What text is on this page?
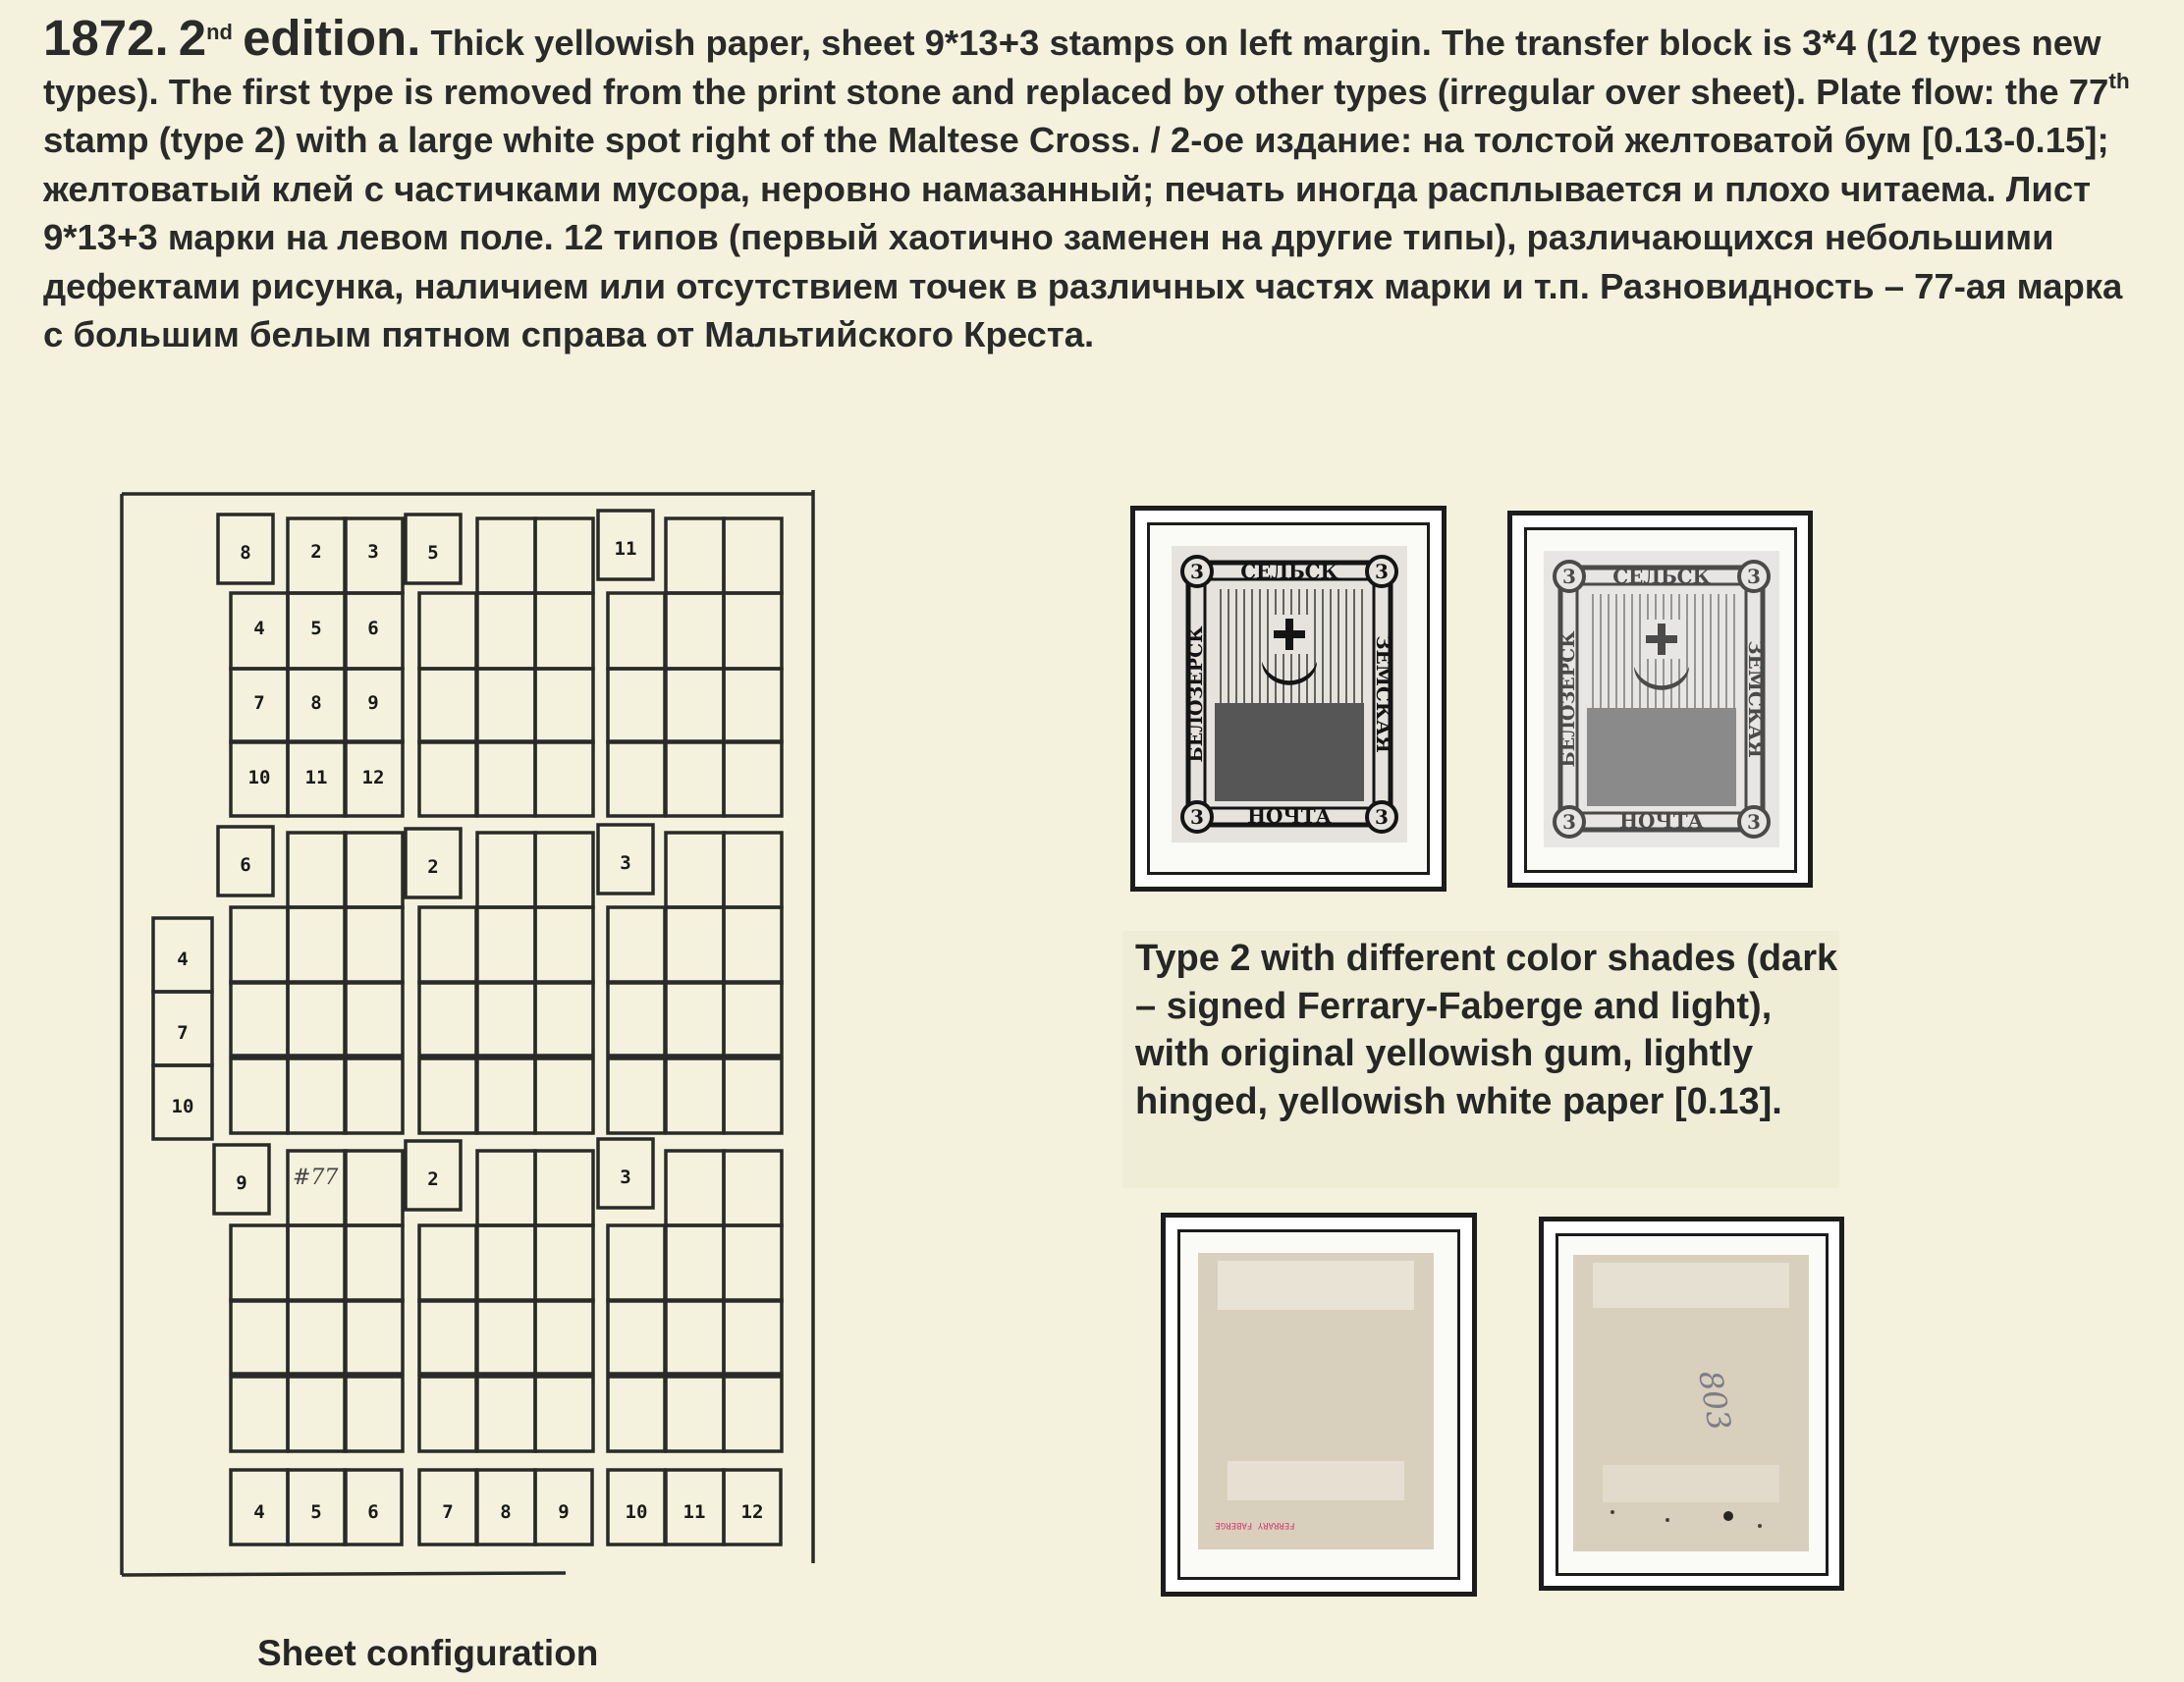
1872. 2nd edition. Thick yellowish paper, sheet 9*13+3 stamps on left margin. The transfer block is 3*4 (12 types new types). The first type is removed from the print stone and replaced by other types (irregular over sheet). Plate flow: the 77th stamp (type 2) with a large white spot right of the Maltese Cross. / 2-ое издание: на толстой желтоватой бум [0.13-0.15]; желтоватый клей с частичками мусора, неровно намазанный; печать иногда расплывается и плохо читаема. Лист 9*13+3 марки на левом поле. 12 типов (первый хаотично заменен на другие типы), различающихся небольшими дефектами рисунка, наличием или отсутствием точек в различных частях марки и т.п. Разновидность – 77-ая марка с большим белым пятном справа от Мальтийского Креста.
#77
8	5	11
6	2	3
9	2	3
2 3
4 5 6
7 8 9
10 11 12
4
7
10
4 5 6	7	8	9	10 11 12
Sheet configuration
3	3
3	3
СЕЛЬСК
НОЧТА
БЕЛОЗЕРСК	ЗЕМСКАЯ
3	3
3	3
СЕЛЬСК
НОЧТА
БЕЛОЗЕРСК	ЗЕМСКАЯ
Type 2 with different color shades (dark – signed Ferrary-Faberge and light), with original yellowish gum, lightly hinged, yellowish white paper [0.13].
FERRARY FABERGE
803
